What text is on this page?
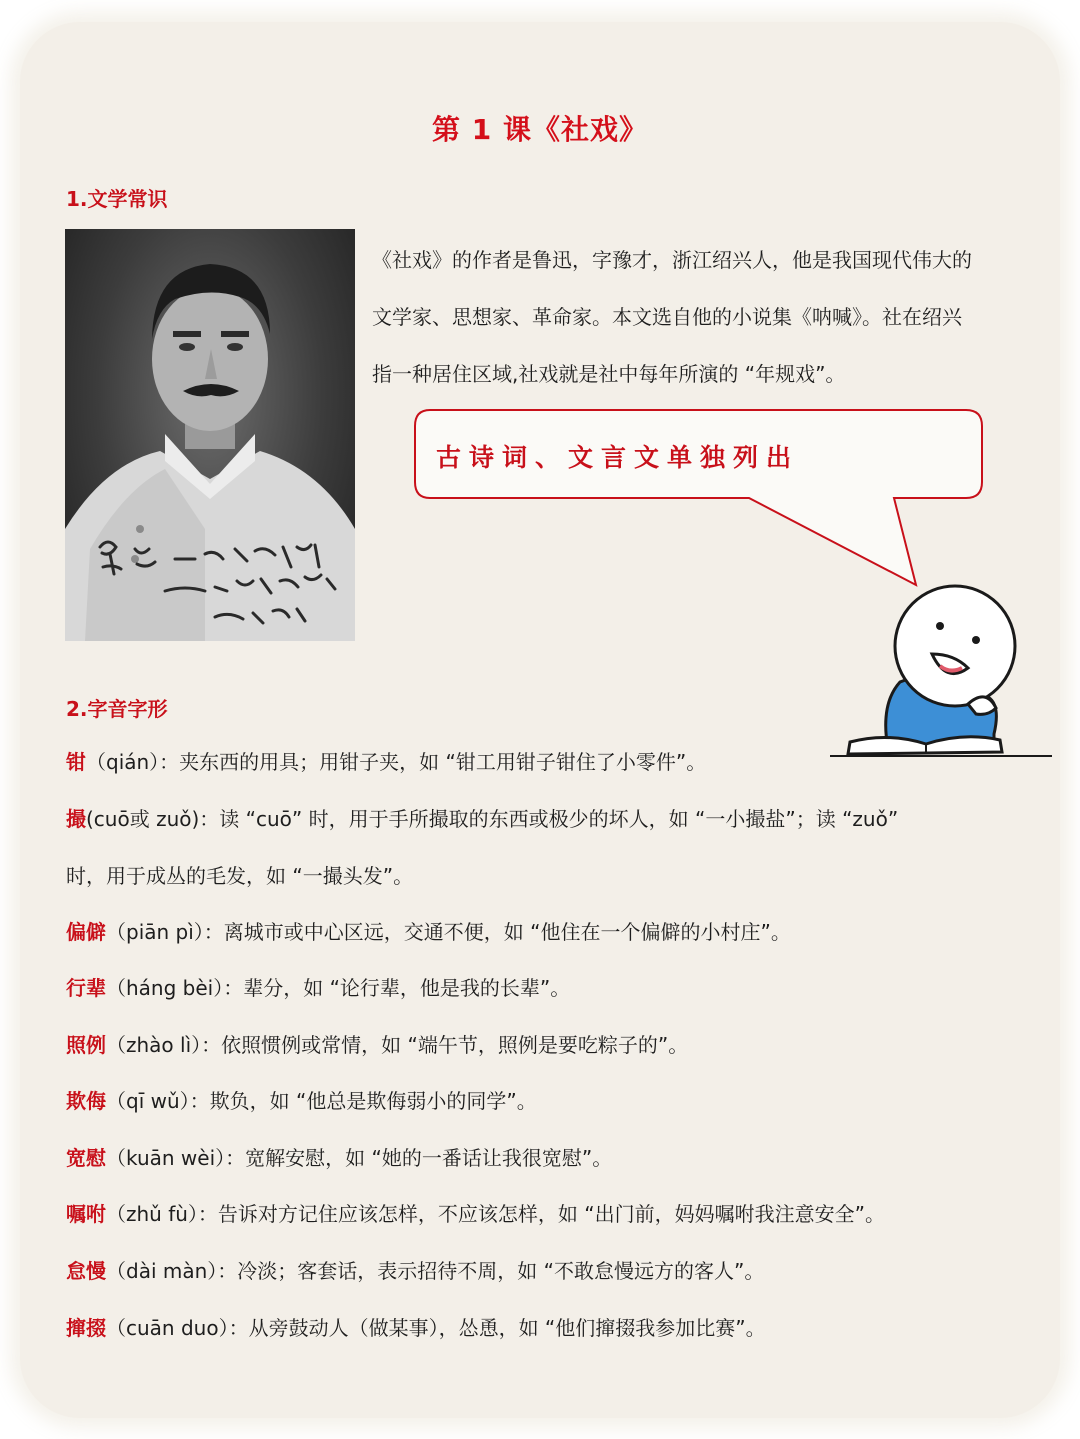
第 1 课《社戏》
1.文学常识
《社戏》的作者是鲁迅，字豫才，浙江绍兴人，他是我国现代伟大的
文学家、思想家、革命家。本文选自他的小说集《呐喊》。社在绍兴
指一种居住区域,社戏就是社中每年所演的 “年规戏”。
古诗词、文言文单独列出
2.字音字形
钳（qián）：夹东西的用具；用钳子夹，如 “钳工用钳子钳住了小零件”。
撮(cuō或 zuǒ)：读 “cuō” 时，用于手所撮取的东西或极少的坏人，如 “一小撮盐”；读 “zuǒ”
时，用于成丛的毛发，如 “一撮头发”。
偏僻（piān pì）：离城市或中心区远，交通不便，如 “他住在一个偏僻的小村庄”。
行辈（háng bèi）：辈分，如 “论行辈，他是我的长辈”。
照例（zhào lì）：依照惯例或常情，如 “端午节，照例是要吃粽子的”。
欺侮（qī wǔ）：欺负，如 “他总是欺侮弱小的同学”。
宽慰（kuān wèi）：宽解安慰，如 “她的一番话让我很宽慰”。
嘱咐（zhǔ fù）：告诉对方记住应该怎样，不应该怎样，如 “出门前，妈妈嘱咐我注意安全”。
怠慢（dài màn）：冷淡；客套话，表示招待不周，如 “不敢怠慢远方的客人”。
撺掇（cuān duo）：从旁鼓动人（做某事），怂恿，如 “他们撺掇我参加比赛”。
